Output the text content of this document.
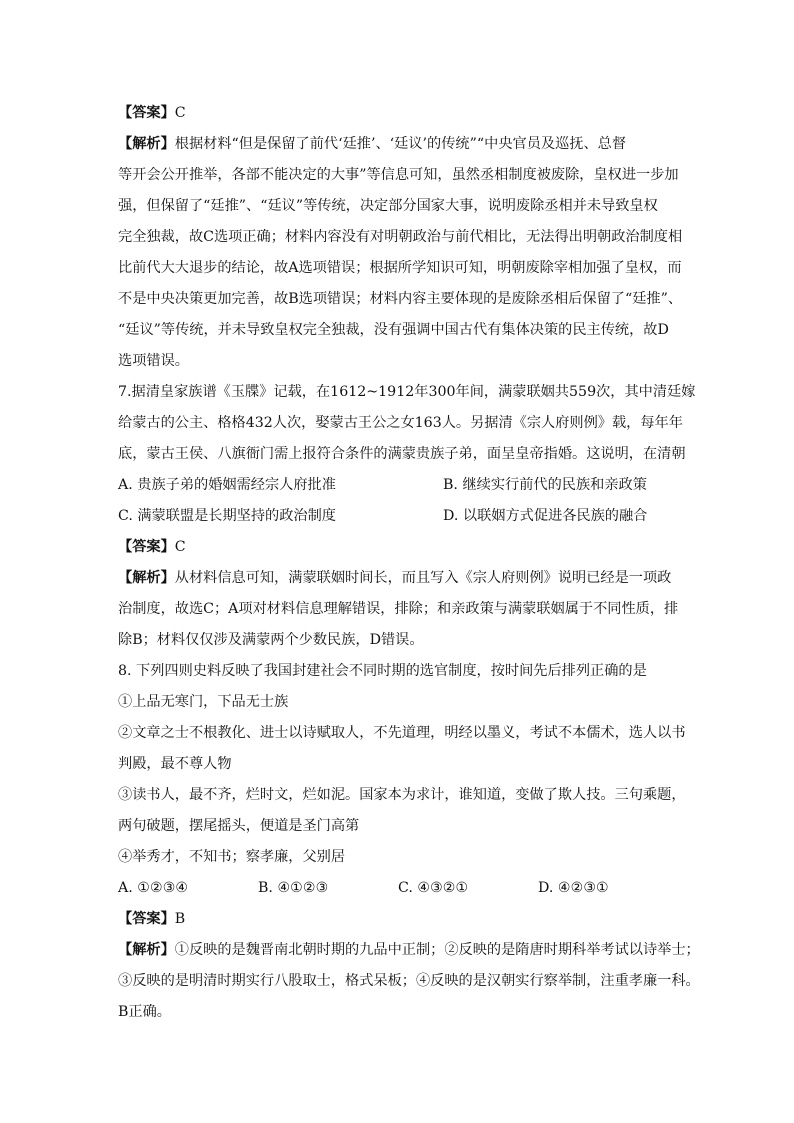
【答案】C
【解析】根据材料“但是保留了前代‘廷推’、‘廷议’的传统”“中央官员及巡抚、总督
等开会公开推举，各部不能决定的大事”等信息可知，虽然丞相制度被废除，皇权进一步加
强，但保留了“廷推”、“廷议”等传统，决定部分国家大事，说明废除丞相并未导致皇权
完全独裁，故C选项正确；材料内容没有对明朝政治与前代相比，无法得出明朝政治制度相
比前代大大退步的结论，故A选项错误；根据所学知识可知，明朝废除宰相加强了皇权，而
不是中央决策更加完善，故B选项错误；材料内容主要体现的是废除丞相后保留了“廷推”、
“廷议”等传统，并未导致皇权完全独裁，没有强调中国古代有集体决策的民主传统，故D
选项错误。
7.据清皇家族谱《玉牒》记载，在1612~1912年300年间，满蒙联姻共559次，其中清廷嫁
给蒙古的公主、格格432人次，娶蒙古王公之女163人。另据清《宗人府则例》载，每年年
底，蒙古王侯、八旗衙门需上报符合条件的满蒙贵族子弟，面呈皇帝指婚。这说明，在清朝
A. 贵族子弟的婚姻需经宗人府批准	B. 继续实行前代的民族和亲政策
C. 满蒙联盟是长期坚持的政治制度	D. 以联姻方式促进各民族的融合
【答案】C
【解析】从材料信息可知，满蒙联姻时间长，而且写入《宗人府则例》说明已经是一项政
治制度，故选C；A项对材料信息理解错误，排除；和亲政策与满蒙联姻属于不同性质，排
除B；材料仅仅涉及满蒙两个少数民族，D错误。
8. 下列四则史料反映了我国封建社会不同时期的选官制度，按时间先后排列正确的是
①上品无寒门，下品无士族
②文章之士不根教化、进士以诗赋取人，不先道理，明经以墨义，考试不本儒术，选人以书
判殿，最不尊人物
③读书人，最不齐，烂时文，烂如泥。国家本为求计，谁知道，变做了欺人技。三句乘题，
两句破题，摆尾摇头，便道是圣门高第
④举秀才，不知书；察孝廉，父别居
A. ①②③④	B. ④①②③	C. ④③②①	D. ④②③①
【答案】B
【解析】①反映的是魏晋南北朝时期的九品中正制；②反映的是隋唐时期科举考试以诗举士；
③反映的是明清时期实行八股取士，格式呆板；④反映的是汉朝实行察举制，注重孝廉一科。
B正确。
